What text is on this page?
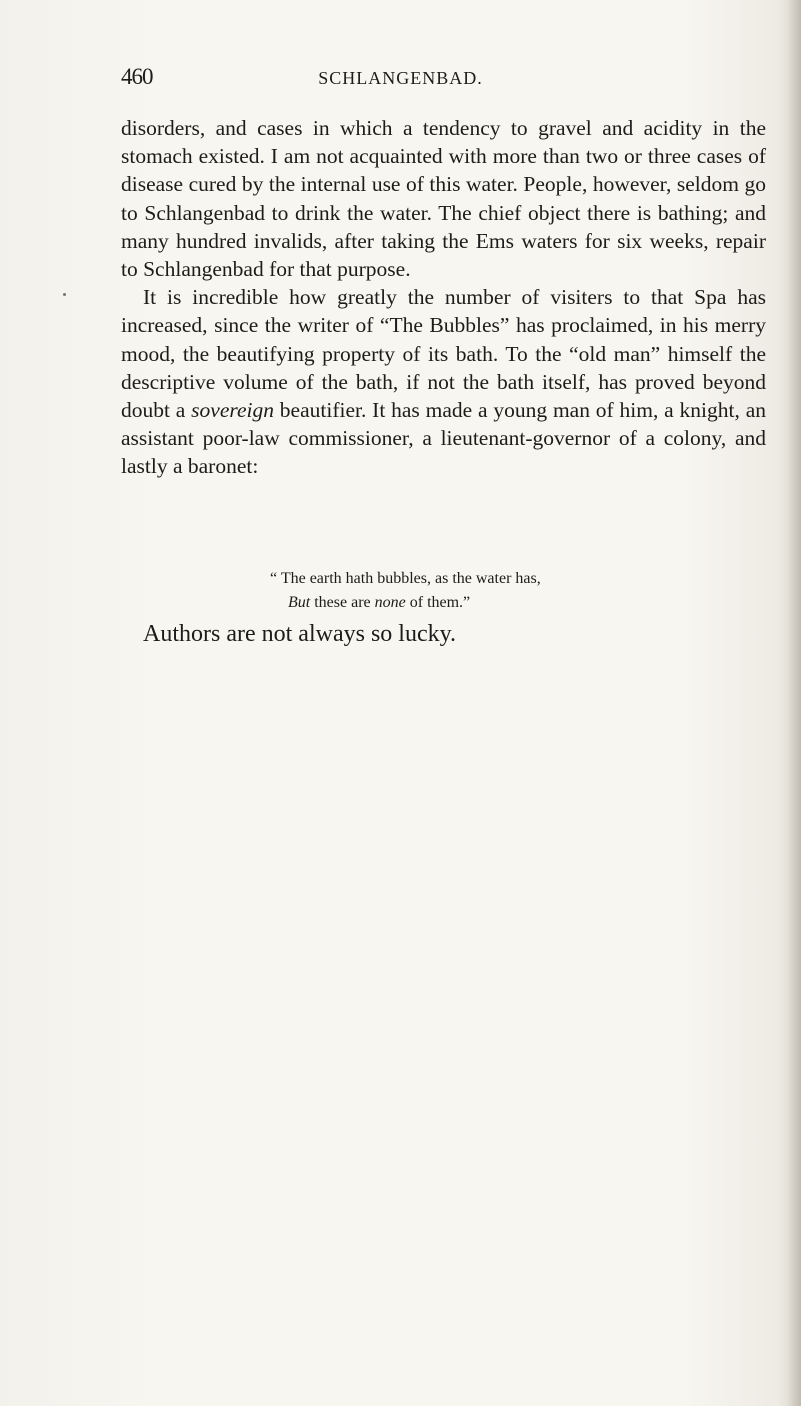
460	SCHLANGENBAD.

disorders, and cases in which a tendency to gravel and acidity in the stomach existed. I am not acquainted with more than two or three cases of disease cured by the internal use of this water. People, however, seldom go to Schlangenbad to drink the water. The chief object there is bathing; and many hundred invalids, after taking the Ems waters for six weeks, repair to Schlangenbad for that purpose.

It is incredible how greatly the number of visiters to that Spa has increased, since the writer of “The Bubbles” has proclaimed, in his merry mood, the beautifying property of its bath. To the “old man” himself the descriptive volume of the bath, if not the bath itself, has proved beyond doubt a sovereign beautifier. It has made a young man of him, a knight, an assistant poor-law commissioner, a lieutenant-governor of a colony, and lastly a baronet:

“ The earth hath bubbles, as the water has,
But these are none of them.”
Authors are not always so lucky.
